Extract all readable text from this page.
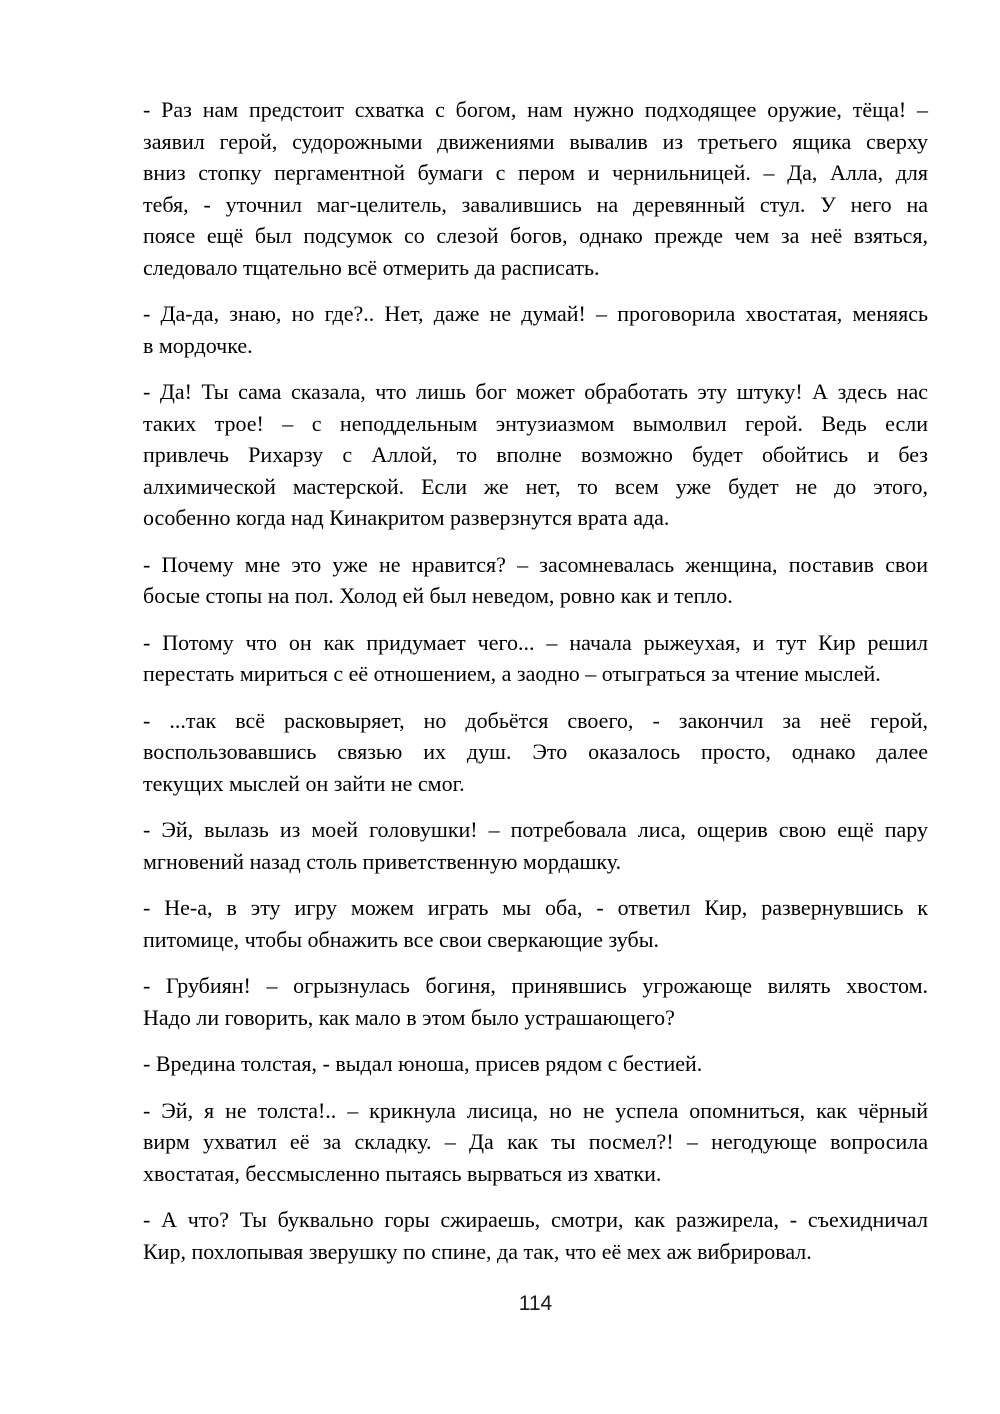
- Раз нам предстоит схватка с богом, нам нужно подходящее оружие, тёща! –
заявил герой, судорожными движениями вывалив из третьего ящика сверху
вниз стопку пергаментной бумаги с пером и чернильницей. – Да, Алла, для
тебя, - уточнил маг-целитель, завалившись на деревянный стул. У него на
поясе ещё был подсумок со слезой богов, однако прежде чем за неё взяться,
следовало тщательно всё отмерить да расписать.

- Да-да, знаю, но где?.. Нет, даже не думай! – проговорила хвостатая, меняясь
в мордочке.

- Да! Ты сама сказала, что лишь бог может обработать эту штуку! А здесь нас
таких трое! – с неподдельным энтузиазмом вымолвил герой. Ведь если
привлечь Рихарзу с Аллой, то вполне возможно будет обойтись и без
алхимической мастерской. Если же нет, то всем уже будет не до этого,
особенно когда над Кинакритом разверзнутся врата ада.

- Почему мне это уже не нравится? – засомневалась женщина, поставив свои
босые стопы на пол. Холод ей был неведом, ровно как и тепло.

- Потому что он как придумает чего... – начала рыжеухая, и тут Кир решил
перестать мириться с её отношением, а заодно – отыграться за чтение мыслей.

- ...так всё расковыряет, но добьётся своего, - закончил за неё герой,
воспользовавшись связью их душ. Это оказалось просто, однако далее
текущих мыслей он зайти не смог.

- Эй, вылазь из моей головушки! – потребовала лиса, ощерив свою ещё пару
мгновений назад столь приветственную мордашку.

- Не-а, в эту игру можем играть мы оба, - ответил Кир, развернувшись к
питомице, чтобы обнажить все свои сверкающие зубы.

- Грубиян! – огрызнулась богиня, принявшись угрожающе вилять хвостом.
Надо ли говорить, как мало в этом было устрашающего?

- Вредина толстая, - выдал юноша, присев рядом с бестией.

- Эй, я не толста!.. – крикнула лисица, но не успела опомниться, как чёрный
вирм ухватил её за складку. – Да как ты посмел?! – негодующе вопросила
хвостатая, бессмысленно пытаясь вырваться из хватки.

- А что? Ты буквально горы сжираешь, смотри, как разжирела, - съехидничал
Кир, похлопывая зверушку по спине, да так, что её мех аж вибрировал.

114
